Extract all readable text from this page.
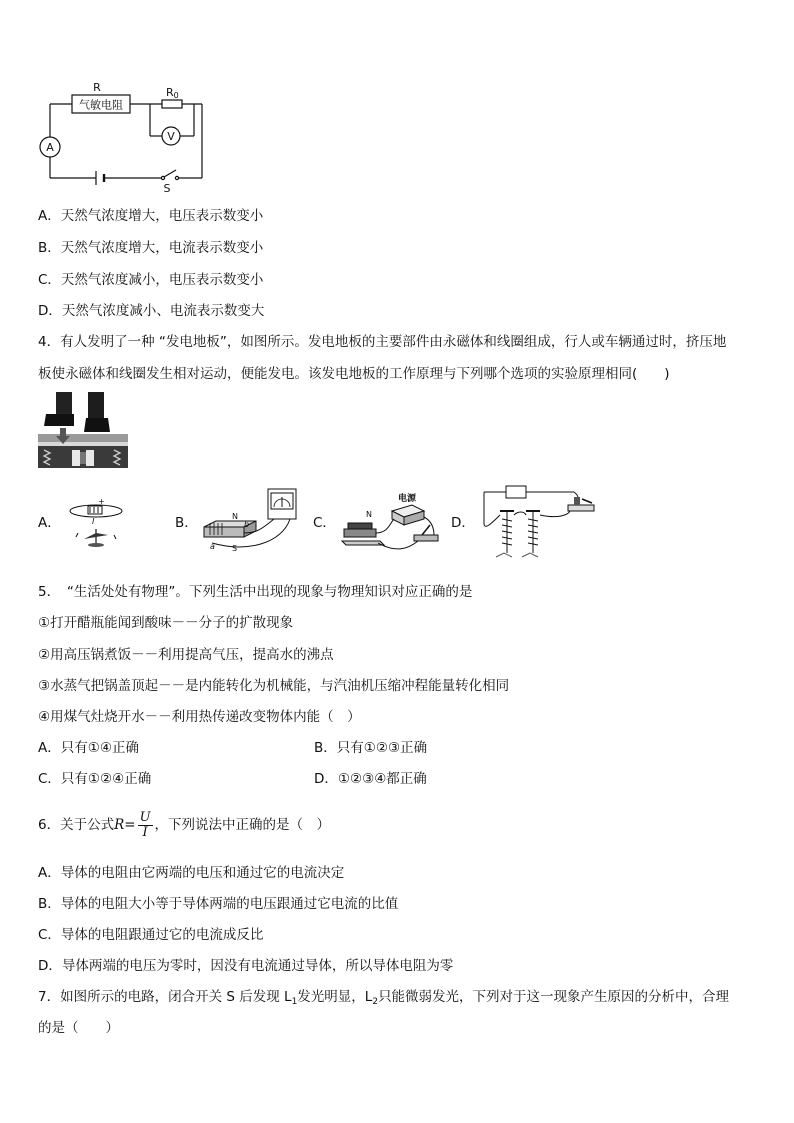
气敏电阻
R	R0
V
A
S
A．天然气浓度增大，电压表示数变小
B．天然气浓度增大，电流表示数变小
C．天然气浓度减小，电压表示数变小
D．天然气浓度减小、电流表示数变大
4．有人发明了一种 “发电地板”，如图所示。发电地板的主要部件由永磁体和线圈组成，行人或车辆通过时，挤压地
板使永磁体和线圈发生相对运动，便能发电。该发电地板的工作原理与下列哪个选项的实验原理相同(　　)
A．	B．	C．	D．
+
I
N
b
a S
电源
N
5．　“生活处处有物理”。下列生活中出现的现象与物理知识对应正确的是
①打开醋瓶能闻到酸味－－分子的扩散现象
②用高压锅煮饭－－利用提高气压，提高水的沸点
③水蒸气把锅盖顶起－－是内能转化为机械能，与汽油机压缩冲程能量转化相同
④用煤气灶烧开水－－利用热传递改变物体内能（　）
A．只有①④正确	B．只有①②③正确
C．只有①②④正确	D．①②③④都正确
6．关于公式$R= \frac{U}{I}$ ，下列说法中正确的是（　）
A．导体的电阻由它两端的电压和通过它的电流决定
B．导体的电阻大小等于导体两端的电压跟通过它电流的比值
C．导体的电阻跟通过它的电流成反比
D．导体两端的电压为零时，因没有电流通过导体，所以导体电阻为零
7．如图所示的电路，闭合开关 S 后发现 $L_1$发光明显，$L_2$只能微弱发光，下列对于这一现象产生原因的分析中，合理
的是（　　）
